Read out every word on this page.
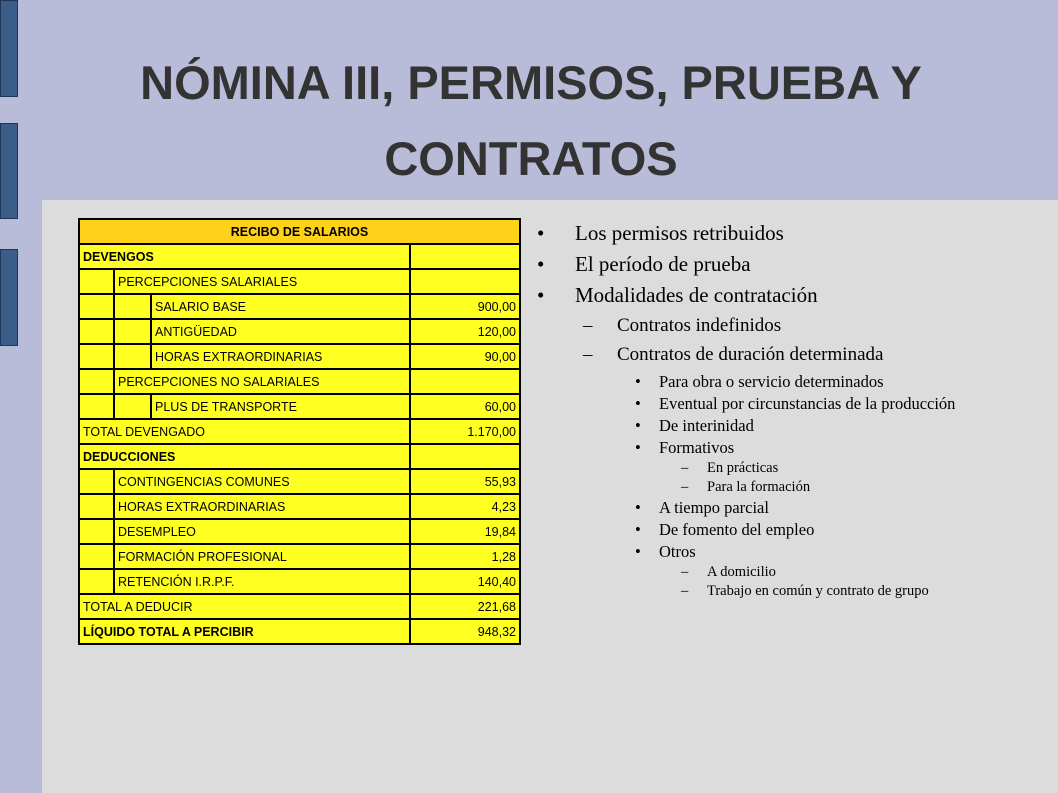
NÓMINA III, PERMISOS, PRUEBA Y CONTRATOS
RECIBO DE SALARIOS			
DEVENGOS			
	PERCEPCIONES SALARIALES		
		SALARIO BASE	900,00
		ANTIGÜEDAD	120,00
		HORAS EXTRAORDINARIAS	90,00
	PERCEPCIONES NO SALARIALES		
		PLUS DE TRANSPORTE	60,00
TOTAL DEVENGADO			1.170,00
DEDUCCIONES			
	CONTINGENCIAS COMUNES		55,93
	HORAS EXTRAORDINARIAS		4,23
	DESEMPLEO		19,84
	FORMACIÓN PROFESIONAL		1,28
	RETENCIÓN I.R.P.F.		140,40
TOTAL A DEDUCIR			221,68
LÍQUIDO TOTAL A PERCIBIR			948,32
• Los permisos retribuidos
• El período de prueba
• Modalidades de contratación
– Contratos indefinidos
– Contratos de duración determinada
• Para obra o servicio determinados
• Eventual por circunstancias de la producción
• De interinidad
• Formativos
– En prácticas
– Para la formación
• A tiempo parcial
• De fomento del empleo
• Otros
– A domicilio
– Trabajo en común y contrato de grupo
